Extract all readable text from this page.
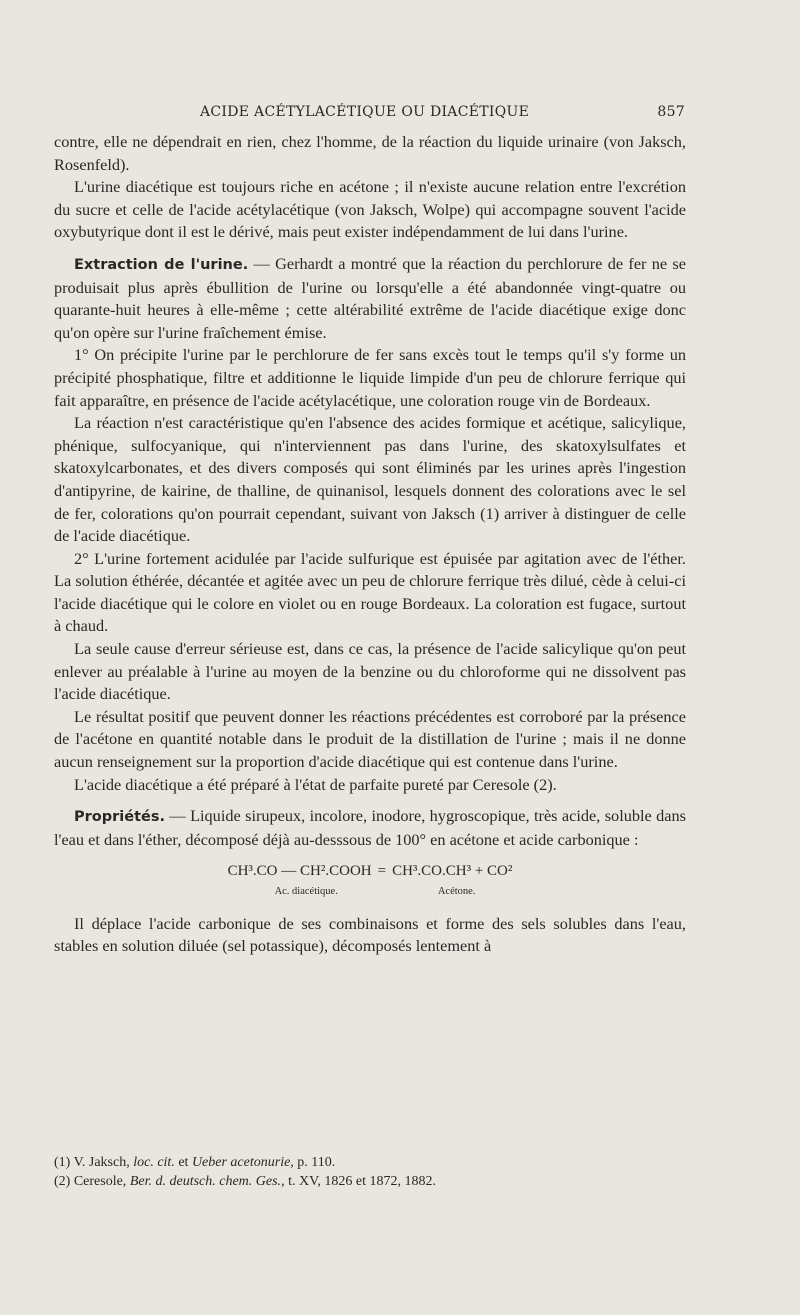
ACIDE ACÉTYLACÉTIQUE OU DIACÉTIQUE	857

contre, elle ne dépendrait en rien, chez l'homme, de la réaction du liquide urinaire (von Jaksch, Rosenfeld).

L'urine diacétique est toujours riche en acétone ; il n'existe aucune relation entre l'excrétion du sucre et celle de l'acide acétylacétique (von Jaksch, Wolpe) qui accompagne souvent l'acide oxybutyrique dont il est le dérivé, mais peut exister indépendamment de lui dans l'urine.

Extraction de l'urine. — Gerhardt a montré que la réaction du perchlorure de fer ne se produisait plus après ébullition de l'urine ou lorsqu'elle a été abandonnée vingt-quatre ou quarante-huit heures à elle-même ; cette altérabilité extrême de l'acide diacétique exige donc qu'on opère sur l'urine fraîchement émise.

1° On précipite l'urine par le perchlorure de fer sans excès tout le temps qu'il s'y forme un précipité phosphatique, filtre et additionne le liquide limpide d'un peu de chlorure ferrique qui fait apparaître, en présence de l'acide acétylacétique, une coloration rouge vin de Bordeaux.

La réaction n'est caractéristique qu'en l'absence des acides formique et acétique, salicylique, phénique, sulfocyanique, qui n'interviennent pas dans l'urine, des skatoxylsulfates et skatoxylcarbonates, et des divers composés qui sont éliminés par les urines après l'ingestion d'antipyrine, de kairine, de thalline, de quinanisol, lesquels donnent des colorations avec le sel de fer, colorations qu'on pourrait cependant, suivant von Jaksch (1) arriver à distinguer de celle de l'acide diacétique.

2° L'urine fortement acidulée par l'acide sulfurique est épuisée par agitation avec de l'éther. La solution éthérée, décantée et agitée avec un peu de chlorure ferrique très dilué, cède à celui-ci l'acide diacétique qui le colore en violet ou en rouge Bordeaux. La coloration est fugace, surtout à chaud.

La seule cause d'erreur sérieuse est, dans ce cas, la présence de l'acide salicylique qu'on peut enlever au préalable à l'urine au moyen de la benzine ou du chloroforme qui ne dissolvent pas l'acide diacétique.

Le résultat positif que peuvent donner les réactions précédentes est corroboré par la présence de l'acétone en quantité notable dans le produit de la distillation de l'urine ; mais il ne donne aucun renseignement sur la proportion d'acide diacétique qui est contenue dans l'urine.

L'acide diacétique a été préparé à l'état de parfaite pureté par Ceresole (2).

Propriétés. — Liquide sirupeux, incolore, inodore, hygroscopique, très acide, soluble dans l'eau et dans l'éther, décomposé déjà au-desssous de 100° en acétone et acide carbonique :

CH³.CO — CH².COOH = CH³.CO.CH³ + CO²
Ac. diacétique.	Acétone.

Il déplace l'acide carbonique de ses combinaisons et forme des sels solubles dans l'eau, stables en solution diluée (sel potassique), décomposés lentement à

(1) V. Jaksch, loc. cit. et Ueber acetonurie, p. 110.

(2) Ceresole, Ber. d. deutsch. chem. Ges., t. XV, 1826 et 1872, 1882.
